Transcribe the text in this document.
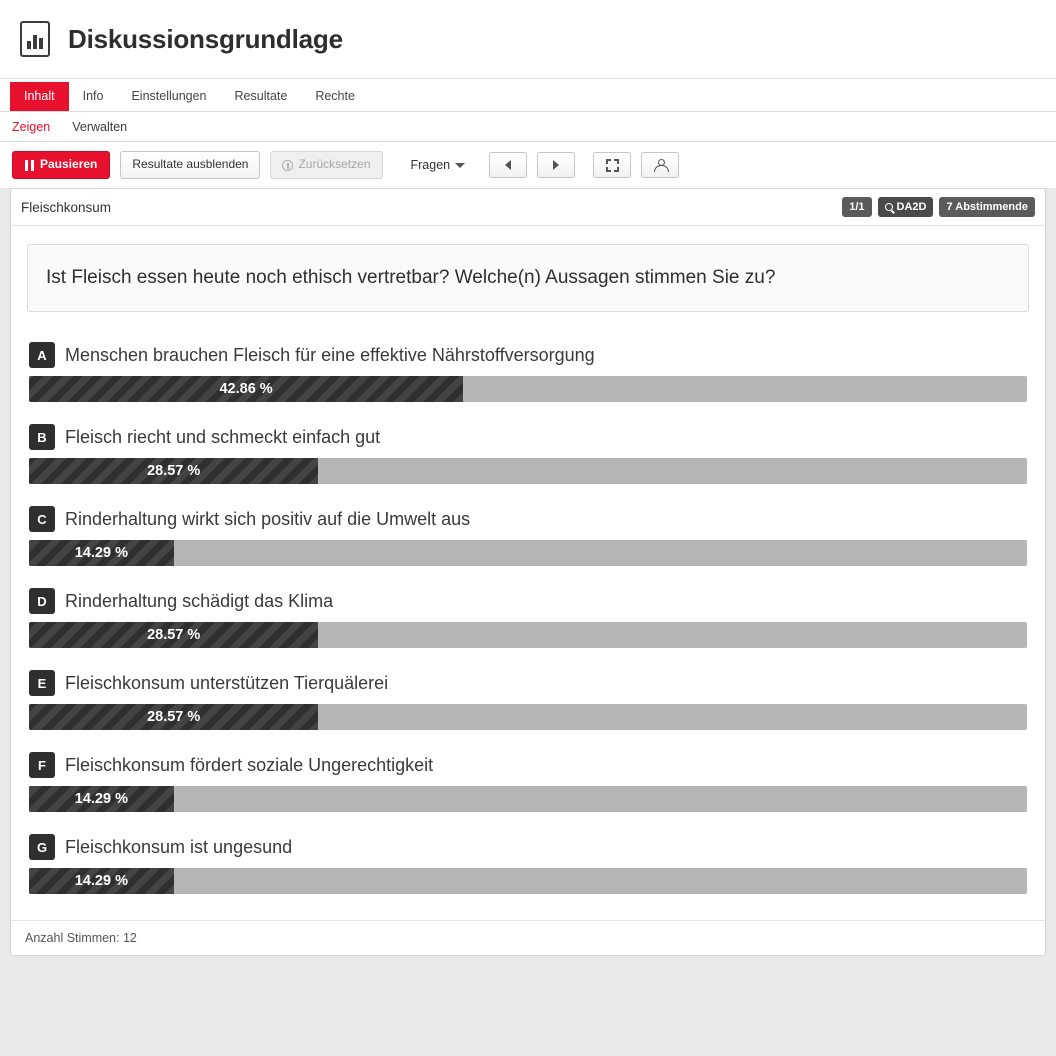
Diskussionsgrundlage
Inhalt	Info	Einstellungen	Resultate	Rechte
Zeigen	Verwalten
Pausieren	Resultate ausblenden	Zurücksetzen	Fragen
Fleischkonsum	1/1	DA2D	7 Abstimmende
Ist Fleisch essen heute noch ethisch vertretbar? Welche(n) Aussagen stimmen Sie zu?
A	Menschen brauchen Fleisch für eine effektive Nährstoffversorgung
42.86 %
B	Fleisch riecht und schmeckt einfach gut
28.57 %
C	Rinderhaltung wirkt sich positiv auf die Umwelt aus
14.29 %
D	Rinderhaltung schädigt das Klima
28.57 %
E	Fleischkonsum unterstützen Tierquälerei
28.57 %
F	Fleischkonsum fördert soziale Ungerechtigkeit
14.29 %
G Fleischkonsum ist ungesund
14.29 %
Anzahl Stimmen: 12
